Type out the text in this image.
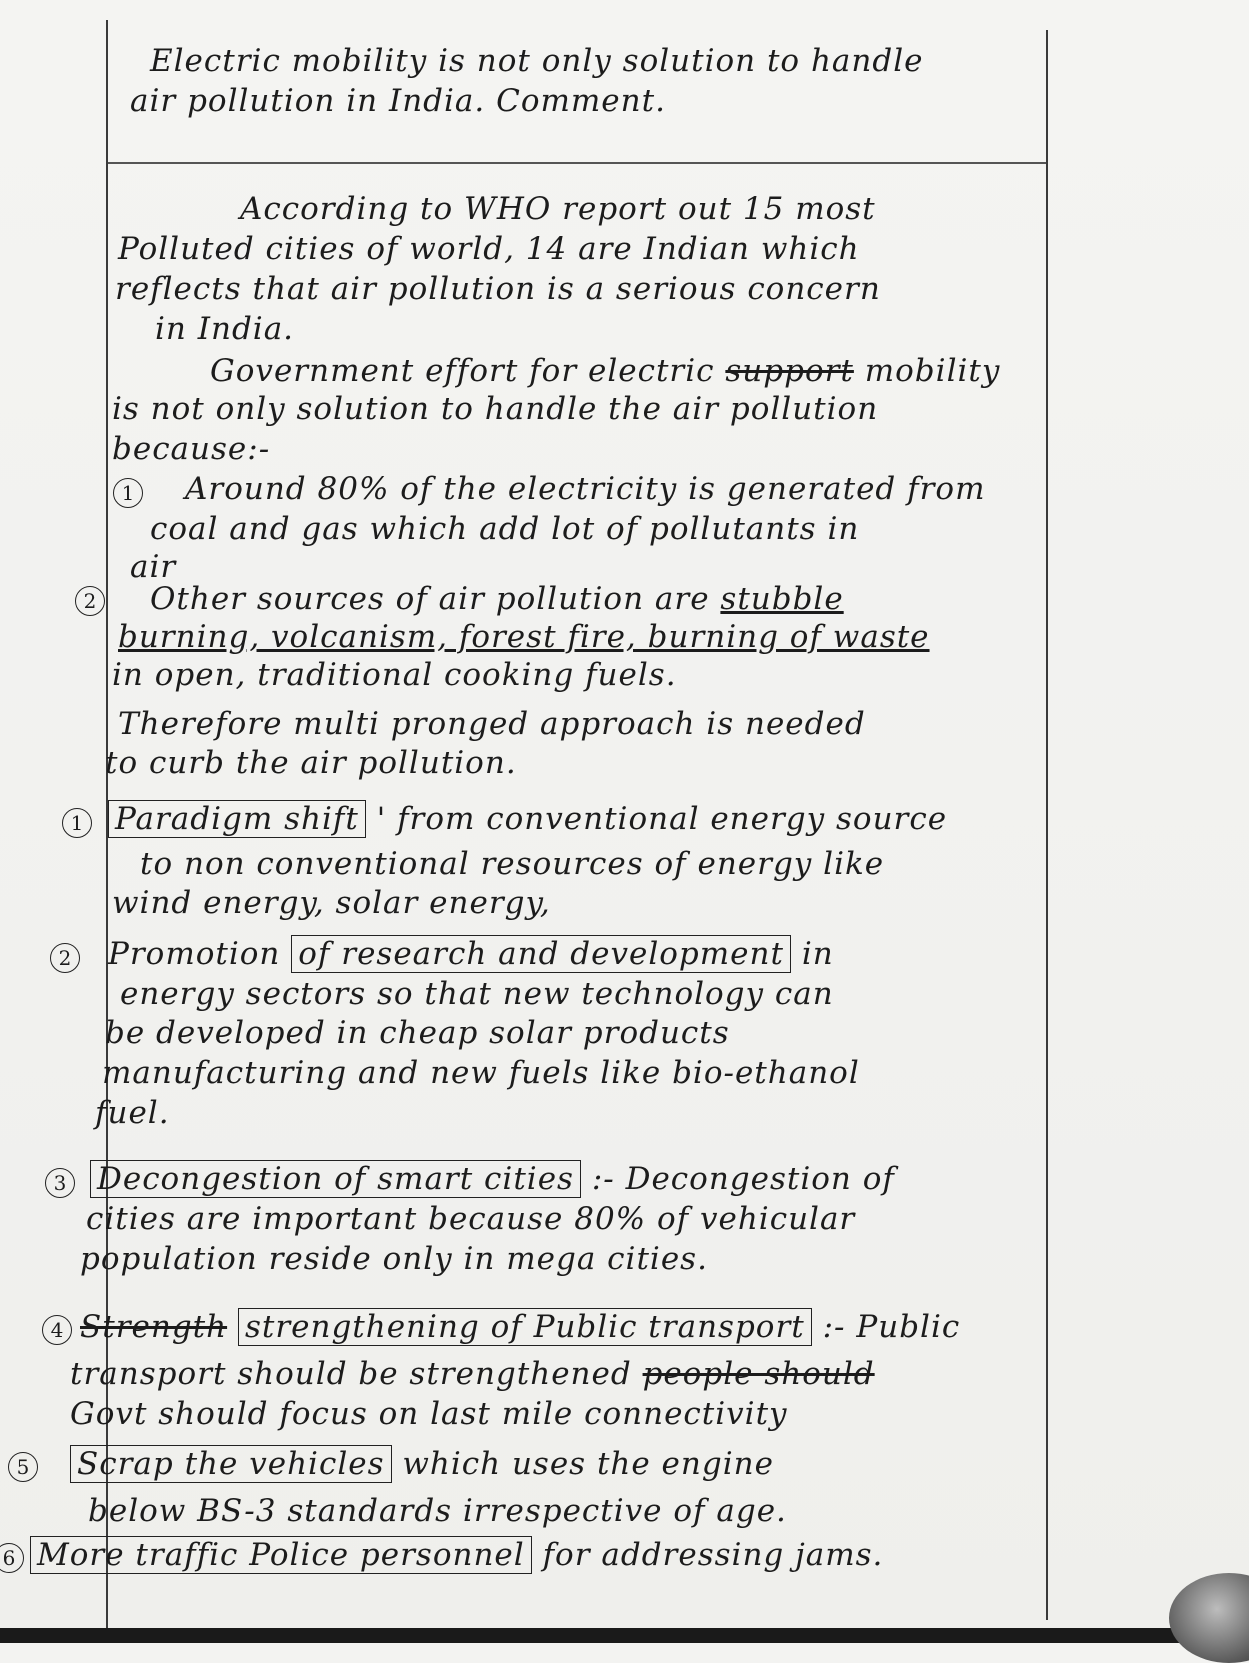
Electric mobility is not only solution to handle
air pollution in India. Comment.
According to WHO report out 15 most
Polluted cities of world, 14 are Indian which
reflects that air pollution is a serious concern
in India.
Government effort for electric support mobility
is not only solution to handle the air pollution
because:-
1 Around 80% of the electricity is generated from
coal and gas which add lot of pollutants in
air
2 Other sources of air pollution are stubble
burning, volcanism, forest fire, burning of waste
in open, traditional cooking fuels.
Therefore multi pronged approach is needed
to curb the air pollution.
1 Paradigm shift ' from conventional energy source
to non conventional resources of energy like
wind energy, solar energy,
2 Promotion of research and development in
energy sectors so that new technology can
be developed in cheap solar products
manufacturing and new fuels like bio-ethanol
fuel.
3 Decongestion of smart cities :- Decongestion of
cities are important because 80% of vehicular
population reside only in mega cities.
4 Strength strengthening of Public transport :- Public
transport should be strengthened people should
Govt should focus on last mile connectivity
5 Scrap the vehicles which uses the engine
below BS-3 standards irrespective of age.
6 More traffic Police personnel for addressing jams.
